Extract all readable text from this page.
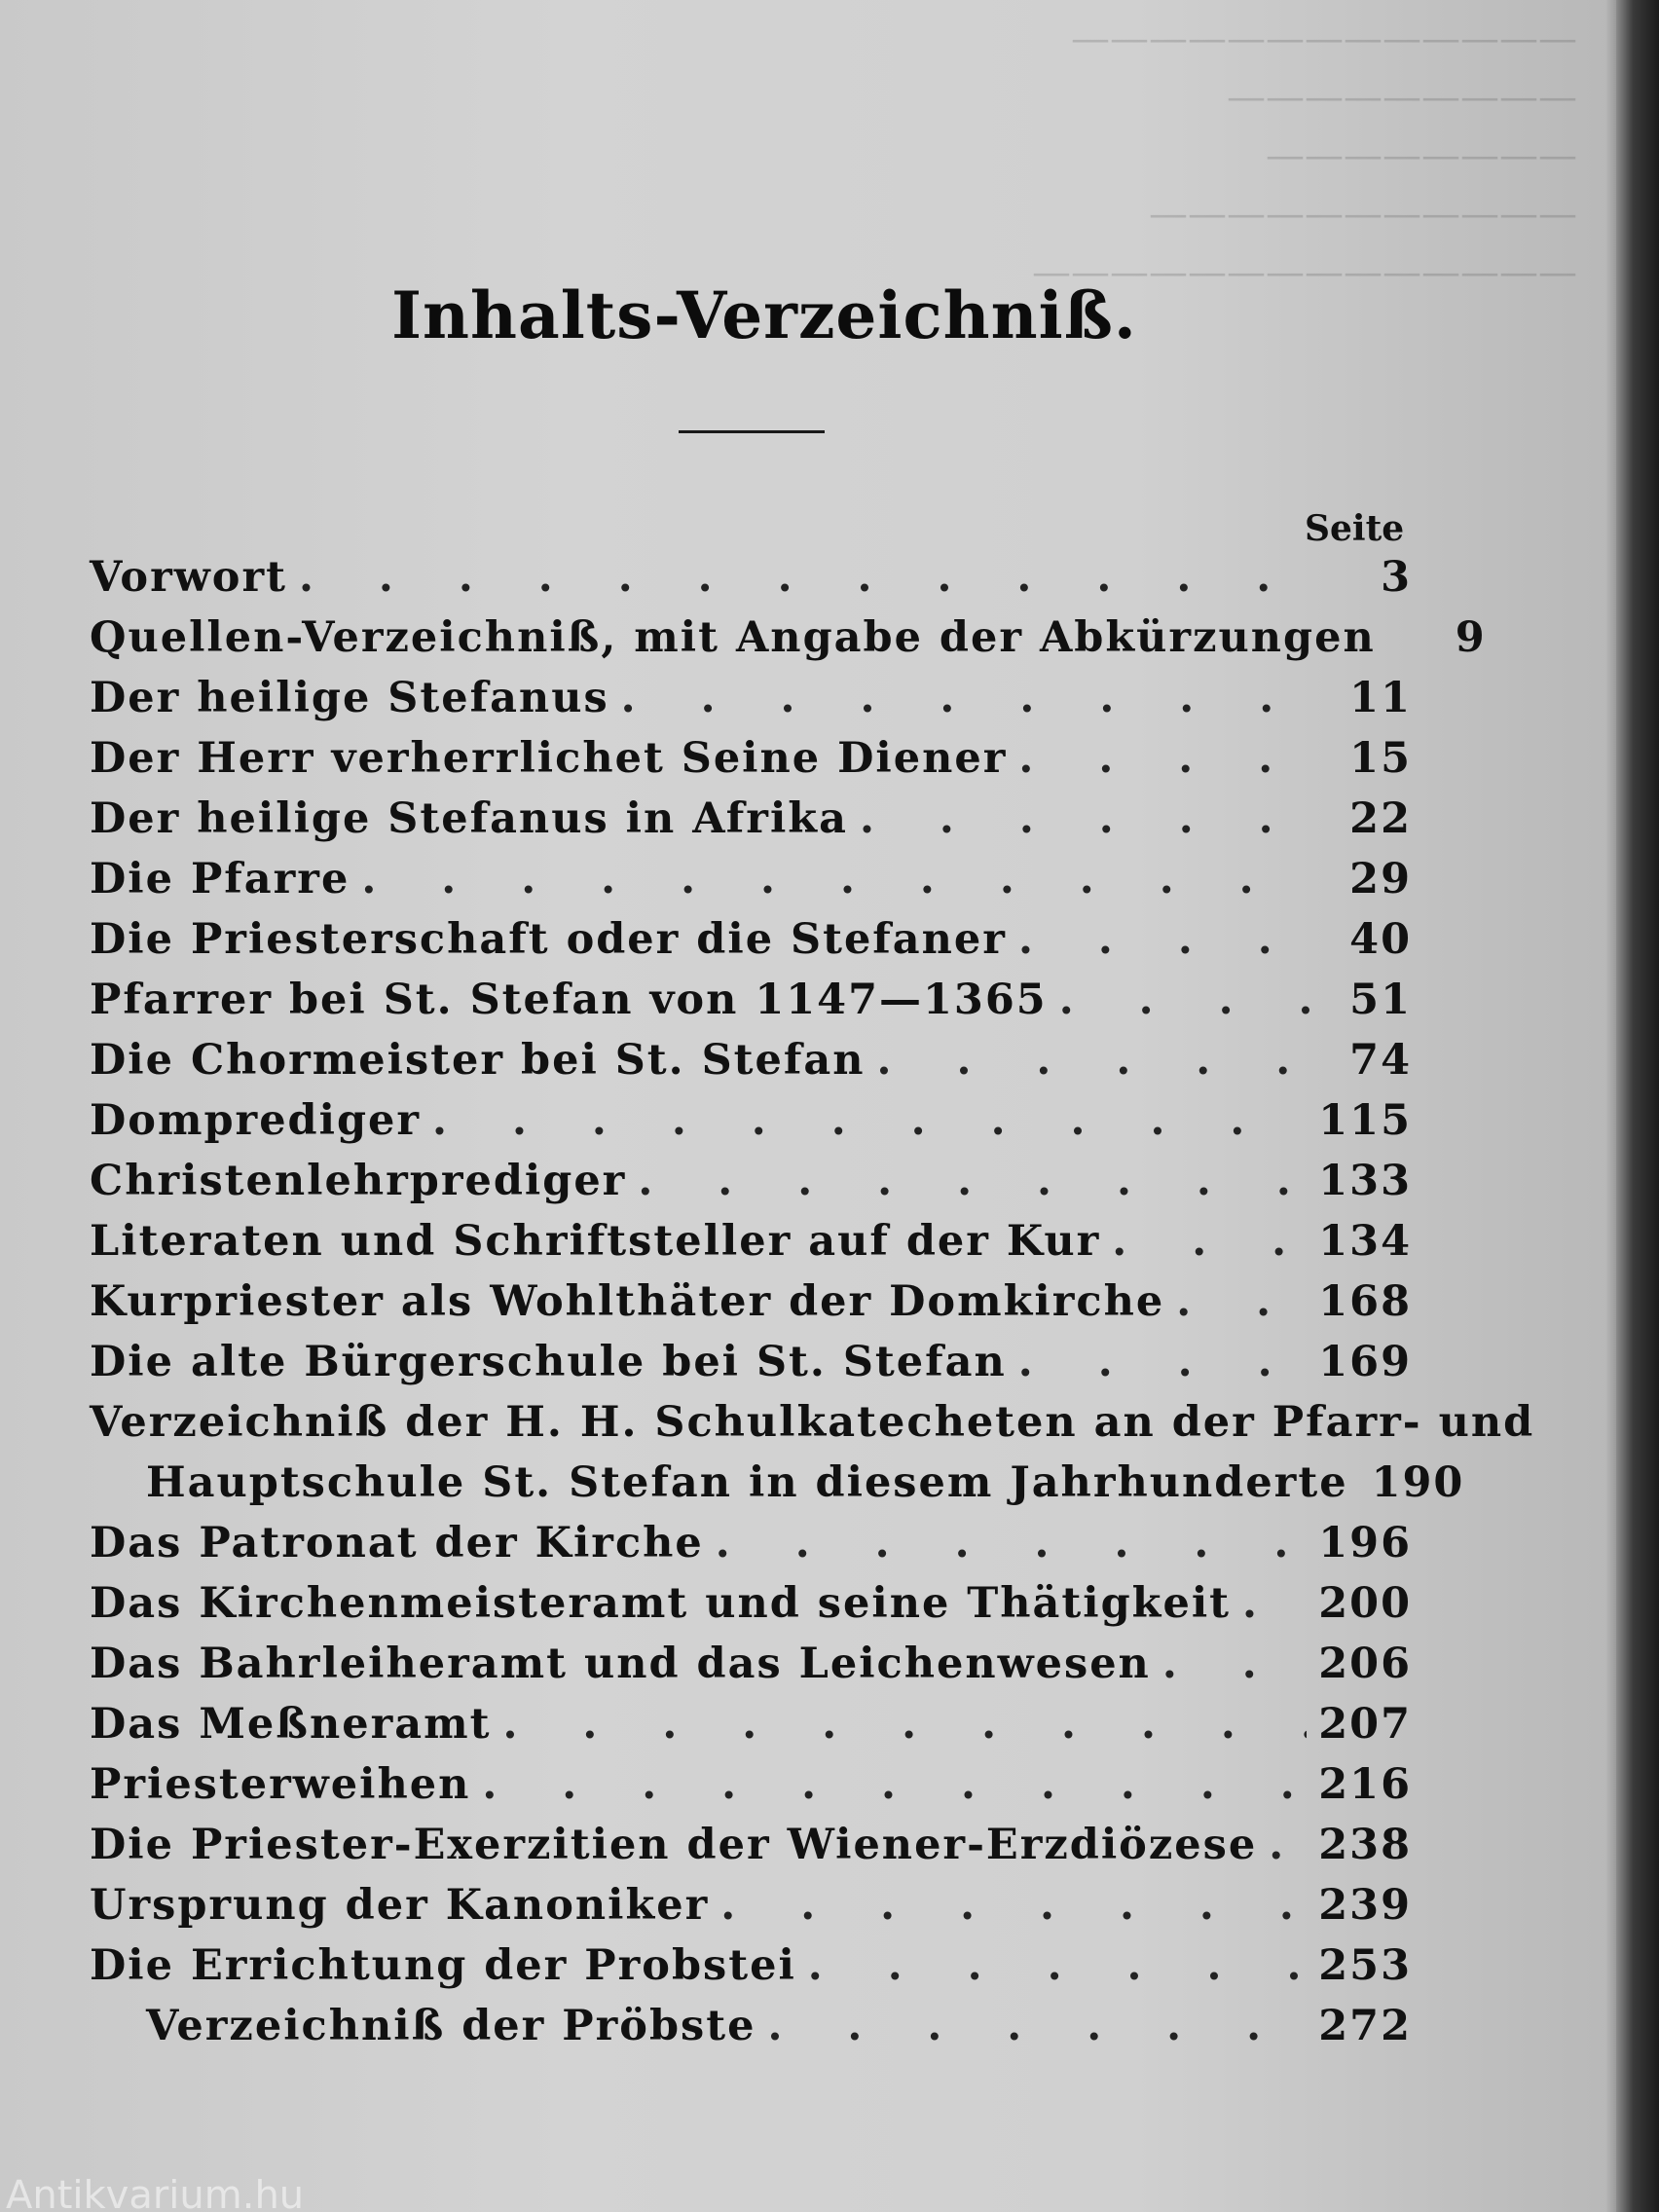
—————————————
—————————
————————
———————————
——————————————
Inhalts-Verzeichniß.
Seite
Vorwort . . .	3
Quellen-Verzeichniß, mit Angabe der Abkürzungen	9
Der heilige Stefanus . . .	11
Der Herr verherrlichet Seine Diener . . .	15
Der heilige Stefanus in Afrika . . .	22
Die Pfarre . . .	29
Die Priesterschaft oder die Stefaner . . .	40
Pfarrer bei St. Stefan von 1147—1365 . . .	51
Die Chormeister bei St. Stefan . . .	74
Domprediger . . .	115
Christenlehrprediger . . .	133
Literaten und Schriftsteller auf der Kur . . .	134
Kurpriester als Wohlthäter der Domkirche . . .	168
Die alte Bürgerschule bei St. Stefan . . .	169
Verzeichniß der H. H. Schulkatecheten an der Pfarr- und
Hauptschule St. Stefan in diesem Jahrhunderte 190
Das Patronat der Kirche . . .	196
Das Kirchenmeisteramt und seine Thätigkeit . . . 200
Das Bahrleiheramt und das Leichenwesen . . .	206
Das Meßneramt . . .	207
Priesterweihen . . .	216
Die Priester-Exerzitien der Wiener-Erzdiözese . . . 238
Ursprung der Kanoniker . . .	239
Die Errichtung der Probstei . . .	253
Verzeichniß der Pröbste . . .	272
Antikvarium.hu
